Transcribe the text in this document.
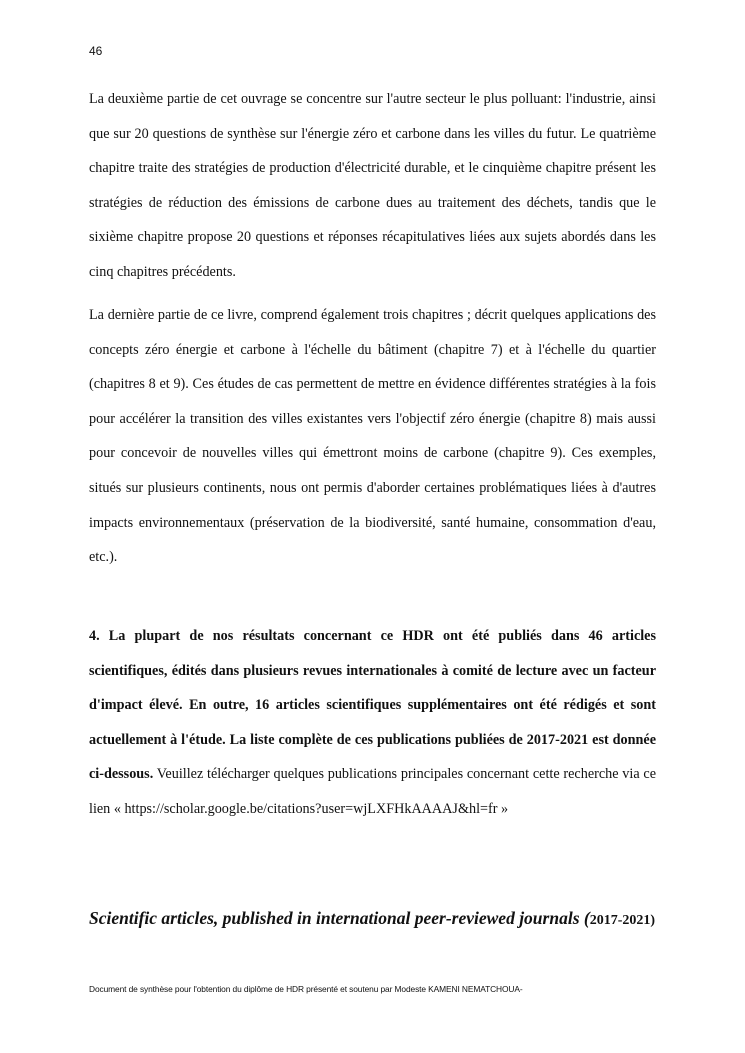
46

La deuxième partie de cet ouvrage se concentre sur l'autre secteur le plus polluant: l'industrie, ainsi que sur 20 questions de synthèse sur l'énergie zéro et carbone dans les villes du futur. Le quatrième chapitre traite des stratégies de production d'électricité durable, et le cinquième chapitre présent les stratégies de réduction des émissions de carbone dues au traitement des déchets, tandis que le sixième chapitre propose 20 questions et réponses récapitulatives liées aux sujets abordés dans les cinq chapitres précédents.

La dernière partie de ce livre, comprend également trois chapitres ; décrit quelques applications des concepts zéro énergie et carbone à l'échelle du bâtiment (chapitre 7) et à l'échelle du quartier (chapitres 8 et 9). Ces études de cas permettent de mettre en évidence différentes stratégies à la fois pour accélérer la transition des villes existantes vers l'objectif zéro énergie (chapitre 8) mais aussi pour concevoir de nouvelles villes qui émettront moins de carbone (chapitre 9). Ces exemples, situés sur plusieurs continents, nous ont permis d'aborder certaines problématiques liées à d'autres impacts environnementaux (préservation de la biodiversité, santé humaine, consommation d'eau, etc.).

4. La plupart de nos résultats concernant ce HDR ont été publiés dans 46 articles scientifiques, édités dans plusieurs revues internationales à comité de lecture avec un facteur d'impact élevé. En outre, 16 articles scientifiques supplémentaires ont été rédigés et sont actuellement à l'étude. La liste complète de ces publications publiées de 2017-2021 est donnée ci-dessous. Veuillez télécharger quelques publications principales concernant cette recherche via ce lien « https://scholar.google.be/citations?user=wjLXFHkAAAAJ&hl=fr »

Scientific articles, published in international peer-reviewed journals (2017-2021)
Document de synthèse pour l'obtention du diplôme de HDR présenté et soutenu par Modeste KAMENI NEMATCHOUA-
